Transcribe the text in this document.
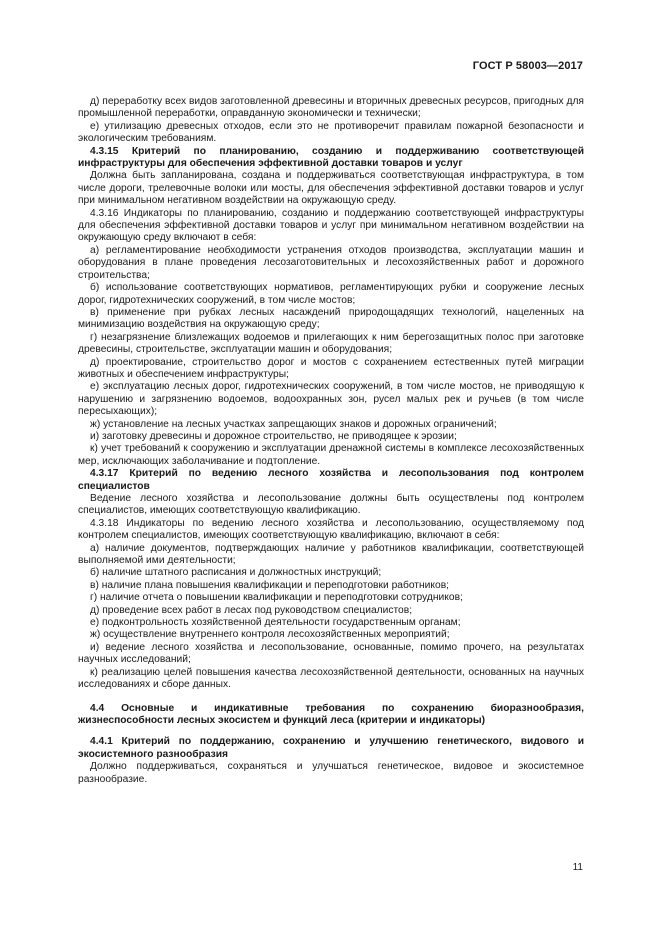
ГОСТ Р 58003—2017

д) переработку всех видов заготовленной древесины и вторичных древесных ресурсов, пригодных для промышленной переработки, оправданную экономически и технически;

е) утилизацию древесных отходов, если это не противоречит правилам пожарной безопасности и экологическим требованиям.

4.3.15 Критерий по планированию, созданию и поддерживанию соответствующей инфраструктуры для обеспечения эффективной доставки товаров и услуг

Должна быть запланирована, создана и поддерживаться соответствующая инфраструктура, в том числе дороги, трелевочные волоки или мосты, для обеспечения эффективной доставки товаров и услуг при минимальном негативном воздействии на окружающую среду.

4.3.16 Индикаторы по планированию, созданию и поддержанию соответствующей инфраструктуры для обеспечения эффективной доставки товаров и услуг при минимальном негативном воздействии на окружающую среду включают в себя:

а) регламентирование необходимости устранения отходов производства, эксплуатации машин и оборудования в плане проведения лесозаготовительных и лесохозяйственных работ и дорожного строительства;

б) использование соответствующих нормативов, регламентирующих рубки и сооружение лесных дорог, гидротехнических сооружений, в том числе мостов;

в) применение при рубках лесных насаждений природощадящих технологий, нацеленных на минимизацию воздействия на окружающую среду;

г) незагрязнение близлежащих водоемов и прилегающих к ним берегозащитных полос при заготовке древесины, строительстве, эксплуатации машин и оборудования;

д) проектирование, строительство дорог и мостов с сохранением естественных путей миграции животных и обеспечением инфраструктуры;

е) эксплуатацию лесных дорог, гидротехнических сооружений, в том числе мостов, не приводящую к нарушению и загрязнению водоемов, водоохранных зон, русел малых рек и ручьев (в том числе пересыхающих);

ж) установление на лесных участках запрещающих знаков и дорожных ограничений;

и) заготовку древесины и дорожное строительство, не приводящее к эрозии;

к) учет требований к сооружению и эксплуатации дренажной системы в комплексе лесохозяйственных мер, исключающих заболачивание и подтопление.

4.3.17 Критерий по ведению лесного хозяйства и лесопользования под контролем специалистов

Ведение лесного хозяйства и лесопользование должны быть осуществлены под контролем специалистов, имеющих соответствующую квалификацию.

4.3.18 Индикаторы по ведению лесного хозяйства и лесопользованию, осуществляемому под контролем специалистов, имеющих соответствующую квалификацию, включают в себя:

а) наличие документов, подтверждающих наличие у работников квалификации, соответствующей выполняемой ими деятельности;

б) наличие штатного расписания и должностных инструкций;

в) наличие плана повышения квалификации и переподготовки работников;

г) наличие отчета о повышении квалификации и переподготовки сотрудников;

д) проведение всех работ в лесах под руководством специалистов;

е) подконтрольность хозяйственной деятельности государственным органам;

ж) осуществление внутреннего контроля лесохозяйственных мероприятий;

и) ведение лесного хозяйства и лесопользование, основанные, помимо прочего, на результатах научных исследований;

к) реализацию целей повышения качества лесохозяйственной деятельности, основанных на научных исследованиях и сборе данных.

4.4 Основные и индикативные требования по сохранению биоразнообразия, жизнеспособности лесных экосистем и функций леса (критерии и индикаторы)

4.4.1 Критерий по поддержанию, сохранению и улучшению генетического, видового и экосистемного разнообразия

Должно поддерживаться, сохраняться и улучшаться генетическое, видовое и экосистемное разнообразие.

11
